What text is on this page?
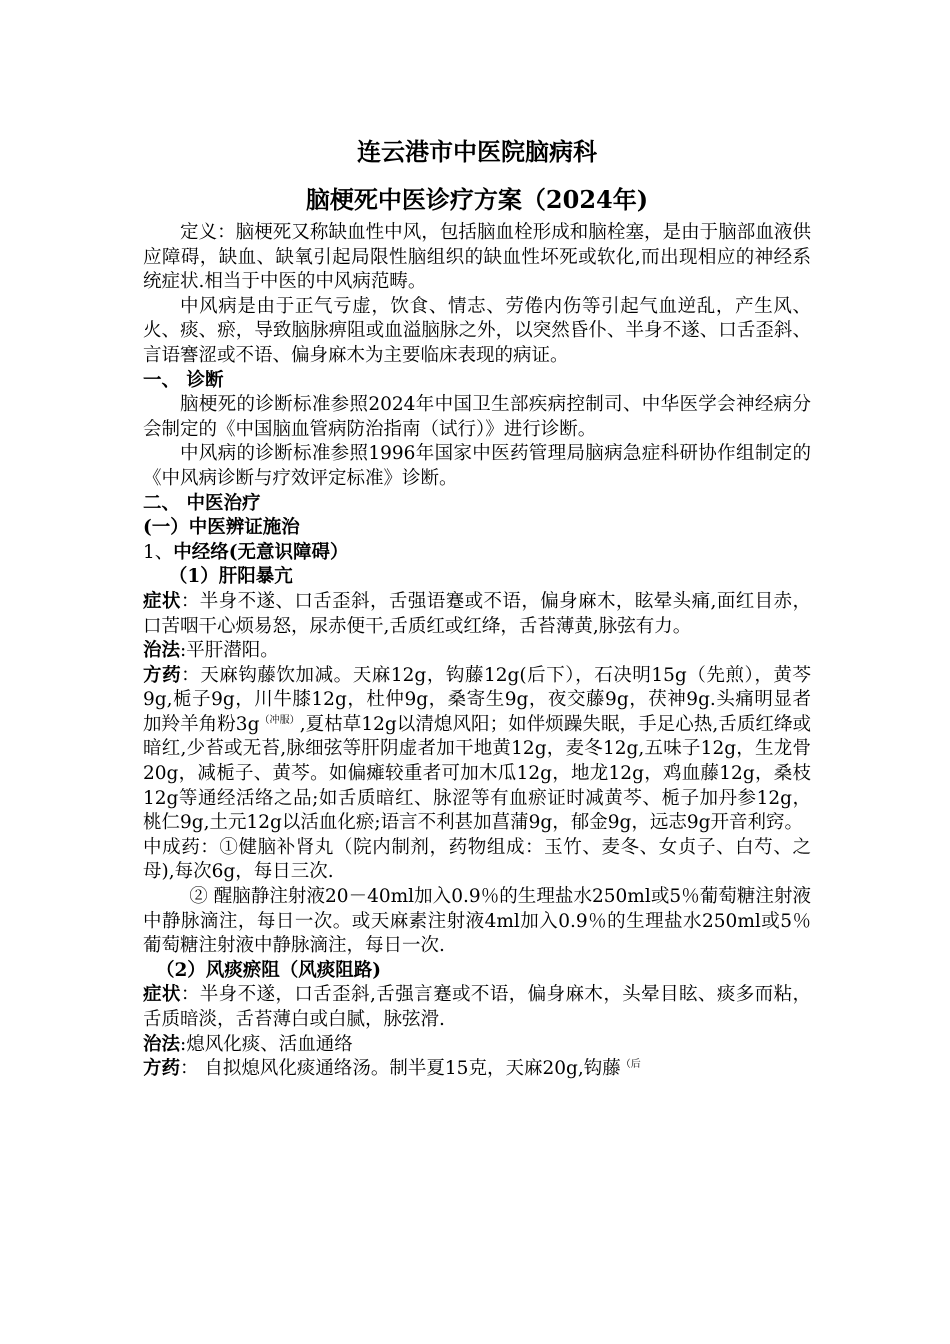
连云港市中医院脑病科
脑梗死中医诊疗方案（2024年)

定义：脑梗死又称缺血性中风，包括脑血栓形成和脑栓塞，是由于脑部血液供应障碍，缺血、缺氧引起局限性脑组织的缺血性坏死或软化,而出现相应的神经系统症状.相当于中医的中风病范畴。

中风病是由于正气亏虚，饮食、情志、劳倦内伤等引起气血逆乱，产生风、火、痰、瘀，导致脑脉痹阻或血溢脑脉之外，以突然昏仆、半身不遂、口舌歪斜、言语謇涩或不语、偏身麻木为主要临床表现的病证。

一、 诊断

脑梗死的诊断标准参照2024年中国卫生部疾病控制司、中华医学会神经病分会制定的《中国脑血管病防治指南（试行）》进行诊断。

中风病的诊断标准参照1996年国家中医药管理局脑病急症科研协作组制定的《中风病诊断与疗效评定标准》诊断。

二、 中医治疗

(一）中医辨证施治

1、中经络(无意识障碍）

（1）肝阳暴亢

症状：半身不遂、口舌歪斜，舌强语蹇或不语，偏身麻木，眩晕头痛,面红目赤，口苦咽干心烦易怒，尿赤便干,舌质红或红绛，舌苔薄黄,脉弦有力。

治法:平肝潜阳。

方药：天麻钩藤饮加减。天麻12g，钩藤12g(后下），石决明15g（先煎），黄芩9g,栀子9g，川牛膝12g，杜仲9g，桑寄生9g，夜交藤9g，茯神9g.头痛明显者加羚羊角粉$3g^{(冲服)}$,夏枯草12g以清熄风阳；如伴烦躁失眠，手足心热,舌质红绛或暗红,少苔或无苔,脉细弦等肝阴虚者加干地黄12g，麦冬12g,五味子12g，生龙骨20g，减栀子、黄芩。如偏瘫较重者可加木瓜12g，地龙12g，鸡血藤12g，桑枝12g等通经活络之品;如舌质暗红、脉涩等有血瘀证时减黄芩、栀子加丹参12g，桃仁9g,土元12g以活血化瘀;语言不利甚加菖蒲9g，郁金9g，远志9g开音利窍。

中成药：①健脑补肾丸（院内制剂，药物组成：玉竹、麦冬、女贞子、白芍、之母),每次6g，每日三次.

② 醒脑静注射液20－40ml加入0.9％的生理盐水250ml或5％葡萄糖注射液中静脉滴注，每日一次。或天麻素注射液4ml加入0.9％的生理盐水250ml或5％葡萄糖注射液中静脉滴注，每日一次.

（2）风痰瘀阻（风痰阻路)

症状：半身不遂，口舌歪斜,舌强言蹇或不语，偏身麻木，头晕目眩、痰多而粘，舌质暗淡，舌苔薄白或白腻，脉弦滑.

治法:熄风化痰、活血通络

方药： 自拟熄风化痰通络汤。制半夏15克，天麻20g,钩藤$^{(后}$
